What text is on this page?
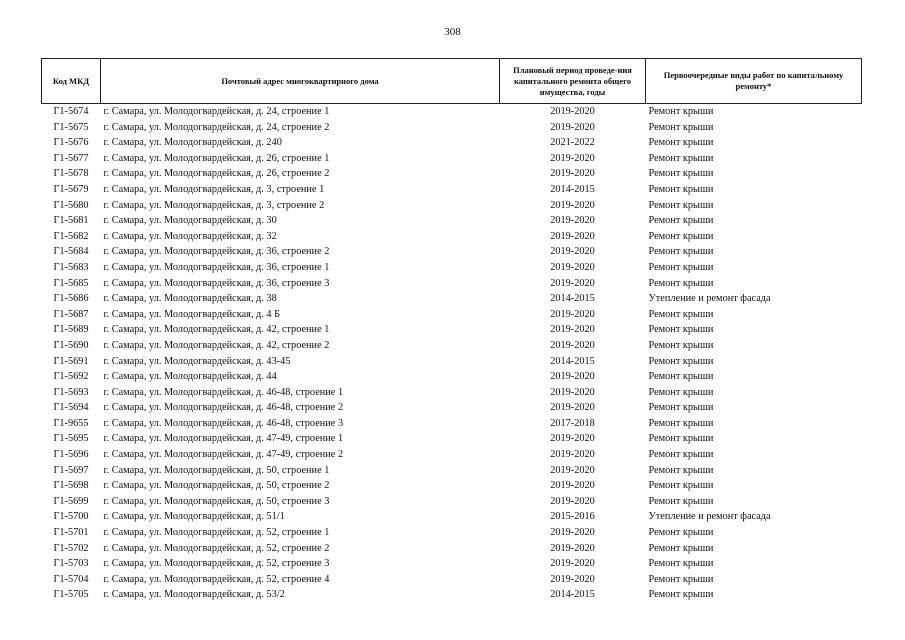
308
Код МКД	Почтовый адрес многоквартирного дома	Плановый период проведе-ния капитального ремонта общего имущества, годы	Первоочередные виды работ по капитальному ремонту*
Г1-5674	г. Самара, ул. Молодогвардейская, д. 24, строение 1	2019-2020	Ремонт крыши
Г1-5675	г. Самара, ул. Молодогвардейская, д. 24, строение 2	2019-2020	Ремонт крыши
Г1-5676	г. Самара, ул. Молодогвардейская, д. 240	2021-2022	Ремонт крыши
Г1-5677	г. Самара, ул. Молодогвардейская, д. 26, строение 1	2019-2020	Ремонт крыши
Г1-5678	г. Самара, ул. Молодогвардейская, д. 26, строение 2	2019-2020	Ремонт крыши
Г1-5679	г. Самара, ул. Молодогвардейская, д. 3, строение 1	2014-2015	Ремонт крыши
Г1-5680	г. Самара, ул. Молодогвардейская, д. 3, строение 2	2019-2020	Ремонт крыши
Г1-5681	г. Самара, ул. Молодогвардейская, д. 30	2019-2020	Ремонт крыши
Г1-5682	г. Самара, ул. Молодогвардейская, д. 32	2019-2020	Ремонт крыши
Г1-5684	г. Самара, ул. Молодогвардейская, д. 36, строение 2	2019-2020	Ремонт крыши
Г1-5683	г. Самара, ул. Молодогвардейская, д. 36, строение 1	2019-2020	Ремонт крыши
Г1-5685	г. Самара, ул. Молодогвардейская, д. 36, строение 3	2019-2020	Ремонт крыши
Г1-5686	г. Самара, ул. Молодогвардейская, д. 38	2014-2015	Утепление и ремонт фасада
Г1-5687	г. Самара, ул. Молодогвардейская, д. 4 Б	2019-2020	Ремонт крыши
Г1-5689	г. Самара, ул. Молодогвардейская, д. 42, строение 1	2019-2020	Ремонт крыши
Г1-5690	г. Самара, ул. Молодогвардейская, д. 42, строение 2	2019-2020	Ремонт крыши
Г1-5691	г. Самара, ул. Молодогвардейская, д. 43-45	2014-2015	Ремонт крыши
Г1-5692	г. Самара, ул. Молодогвардейская, д. 44	2019-2020	Ремонт крыши
Г1-5693	г. Самара, ул. Молодогвардейская, д. 46-48, строение 1	2019-2020	Ремонт крыши
Г1-5694	г. Самара, ул. Молодогвардейская, д. 46-48, строение 2	2019-2020	Ремонт крыши
Г1-9655	г. Самара, ул. Молодогвардейская, д. 46-48, строение 3	2017-2018	Ремонт крыши
Г1-5695	г. Самара, ул. Молодогвардейская, д. 47-49, строение 1	2019-2020	Ремонт крыши
Г1-5696	г. Самара, ул. Молодогвардейская, д. 47-49, строение 2	2019-2020	Ремонт крыши
Г1-5697	г. Самара, ул. Молодогвардейская, д. 50, строение 1	2019-2020	Ремонт крыши
Г1-5698	г. Самара, ул. Молодогвардейская, д. 50, строение 2	2019-2020	Ремонт крыши
Г1-5699	г. Самара, ул. Молодогвардейская, д. 50, строение 3	2019-2020	Ремонт крыши
Г1-5700	г. Самара, ул. Молодогвардейская, д. 51/1	2015-2016	Утепление и ремонт фасада
Г1-5701	г. Самара, ул. Молодогвардейская, д. 52, строение 1	2019-2020	Ремонт крыши
Г1-5702	г. Самара, ул. Молодогвардейская, д. 52, строение 2	2019-2020	Ремонт крыши
Г1-5703	г. Самара, ул. Молодогвардейская, д. 52, строение 3	2019-2020	Ремонт крыши
Г1-5704	г. Самара, ул. Молодогвардейская, д. 52, строение 4	2019-2020	Ремонт крыши
Г1-5705	г. Самара, ул. Молодогвардейская, д. 53/2	2014-2015	Ремонт крыши
